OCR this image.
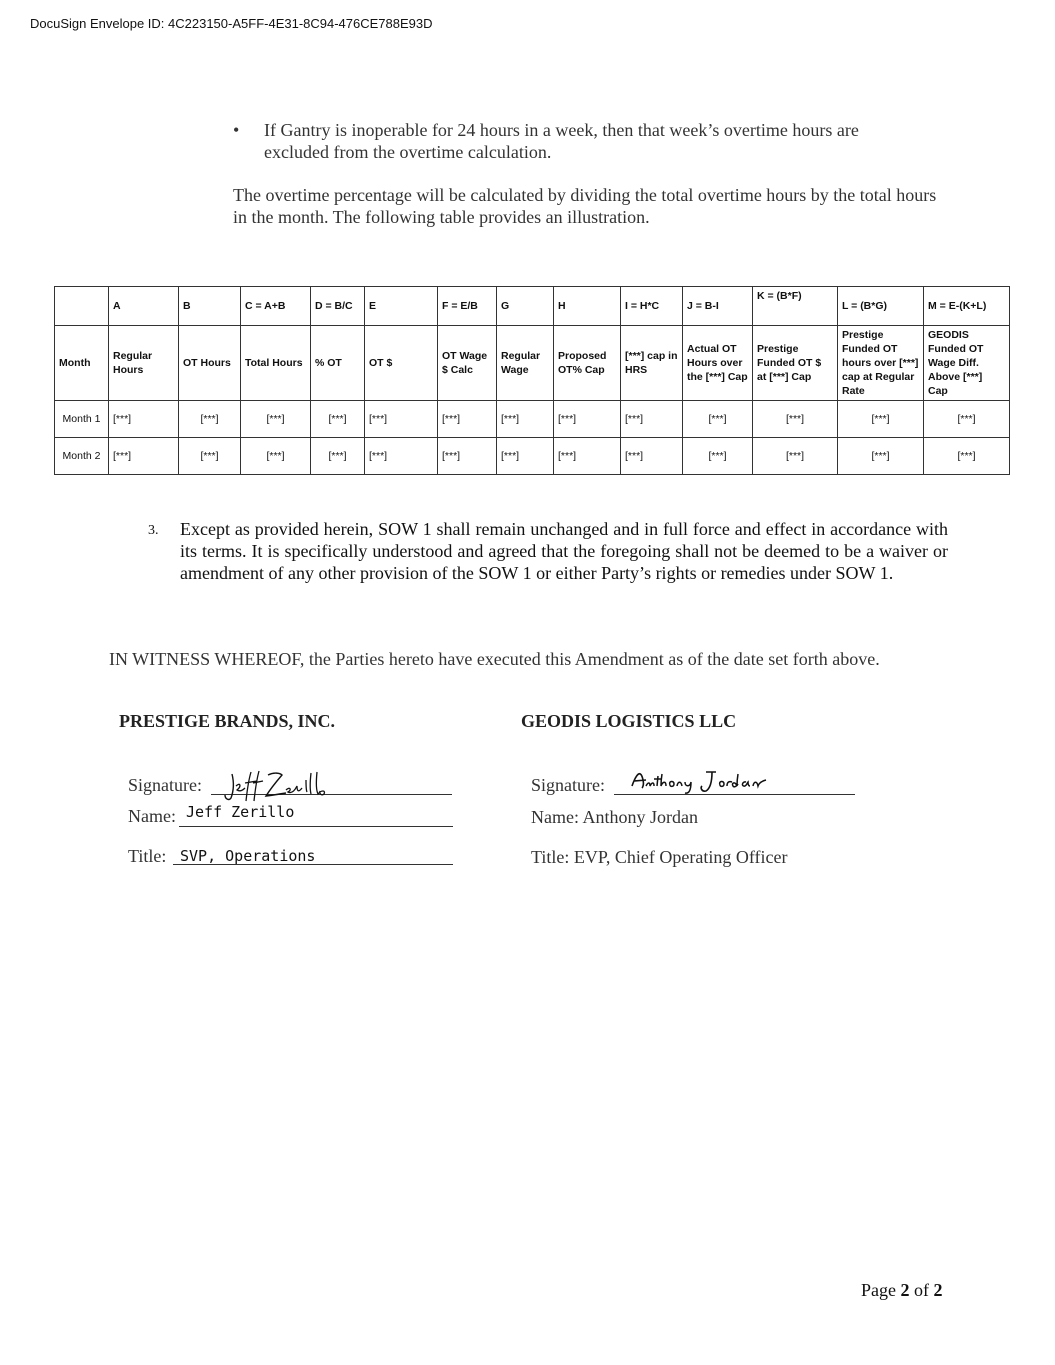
DocuSign Envelope ID: 4C223150-A5FF-4E31-8C94-476CE788E93D
• If Gantry is inoperable for 24 hours in a week, then that week’s overtime hours are excluded from the overtime calculation.
The overtime percentage will be calculated by dividing the total overtime hours by the total hours in the month. The following table provides an illustration.
	A	B	C = A+B	D = B/C	E	F = E/B	G	H	I = H*C	J = B-I	K = (B*F)	L = (B*G)	M = E-(K+L)
Month	Regular Hours	OT Hours	Total Hours	% OT	OT $	OT Wage $ Calc	Regular Wage	Proposed OT% Cap	[***] cap in HRS	Actual OT Hours over the [***] Cap	Prestige Funded OT $ at [***] Cap	Prestige Funded OT hours over [***] cap at Regular Rate	GEODIS Funded OT Wage Diff. Above [***] Cap
Month 1	[***]	[***]	[***]	[***]	[***]	[***]	[***]	[***]	[***]	[***]	[***]	[***]	[***]
Month 2	[***]	[***]	[***]	[***]	[***]	[***]	[***]	[***]	[***]	[***]	[***]	[***]	[***]
3. Except as provided herein, SOW 1 shall remain unchanged and in full force and effect in accordance with its terms. It is specifically understood and agreed that the foregoing shall not be deemed to be a waiver or amendment of any other provision of the SOW 1 or either Party’s rights or remedies under SOW 1.
IN WITNESS WHEREOF, the Parties hereto have executed this Amendment as of the date set forth above.
PRESTIGE BRANDS, INC.
Signature:
Name: Jeff Zerillo
Title: SVP, Operations
GEODIS LOGISTICS LLC
Signature:
Name: Anthony Jordan
Title: EVP, Chief Operating Officer
Page 2 of 2
